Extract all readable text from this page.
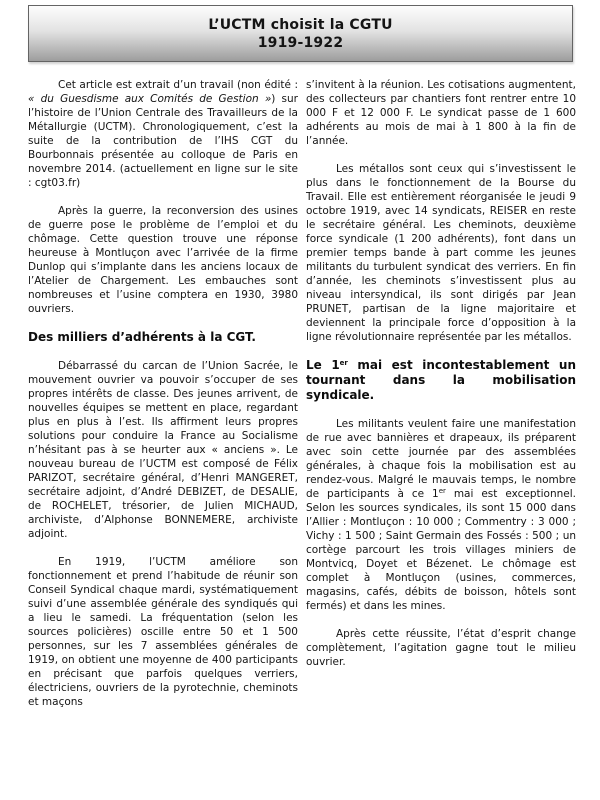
L’UCTM choisit la CGTU
1919-1922

Cet article est extrait d’un travail (non édité : « du Guesdisme aux Comités de Gestion ») sur l’histoire de l’Union Centrale des Travailleurs de la Métallurgie (UCTM). Chronologiquement, c’est la suite de la contribution de l’IHS CGT du Bourbonnais présentée au colloque de Paris en novembre 2014. (actuellement en ligne sur le site : cgt03.fr)

Après la guerre, la reconversion des usines de guerre pose le problème de l’emploi et du chômage. Cette question trouve une réponse heureuse à Montluçon avec l’arrivée de la firme Dunlop qui s’implante dans les anciens locaux de l’Atelier de Chargement. Les embauches sont nombreuses et l’usine comptera en 1930, 3980 ouvriers.

Des milliers d’adhérents à la CGT.

Débarrassé du carcan de l’Union Sacrée, le mouvement ouvrier va pouvoir s’occuper de ses propres intérêts de classe. Des jeunes arrivent, de nouvelles équipes se mettent en place, regardant plus en plus à l’est. Ils affirment leurs propres solutions pour conduire la France au Socialisme n’hésitant pas à se heurter aux « anciens ». Le nouveau bureau de l’UCTM est composé de Félix PARIZOT, secrétaire général, d’Henri MANGERET, secrétaire adjoint, d’André DEBIZET, de DESALIE, de ROCHELET, trésorier, de Julien MICHAUD, archiviste, d’Alphonse BONNEMERE, archiviste adjoint.

En 1919, l’UCTM améliore son fonctionnement et prend l’habitude de réunir son Conseil Syndical chaque mardi, systématiquement suivi d’une assemblée générale des syndiqués qui a lieu le samedi. La fréquentation (selon les sources policières) oscille entre 50 et 1 500 personnes, sur les 7 assemblées générales de 1919, on obtient une moyenne de 400 participants en précisant que parfois quelques verriers, électriciens, ouvriers de la pyrotechnie, cheminots et maçons

s’invitent à la réunion. Les cotisations augmentent, des collecteurs par chantiers font rentrer entre 10 000 F et 12 000 F. Le syndicat passe de 1 600 adhérents au mois de mai à 1 800 à la fin de l’année.

Les métallos sont ceux qui s’investissent le plus dans le fonctionnement de la Bourse du Travail. Elle est entièrement réorganisée le jeudi 9 octobre 1919, avec 14 syndicats, REISER en reste le secrétaire général. Les cheminots, deuxième force syndicale (1 200 adhérents), font dans un premier temps bande à part comme les jeunes militants du turbulent syndicat des verriers. En fin d’année, les cheminots s’investissent plus au niveau intersyndical, ils sont dirigés par Jean PRUNET, partisan de la ligne majoritaire et deviennent la principale force d’opposition à la ligne révolutionnaire représentée par les métallos.

Le 1er mai est incontestablement un tournant dans la mobilisation syndicale.

Les militants veulent faire une manifestation de rue avec bannières et drapeaux, ils préparent avec soin cette journée par des assemblées générales, à chaque fois la mobilisation est au rendez-vous. Malgré le mauvais temps, le nombre de participants à ce 1er mai est exceptionnel. Selon les sources syndicales, ils sont 15 000 dans l’Allier : Montluçon : 10 000 ; Commentry : 3 000 ; Vichy : 1 500 ; Saint Germain des Fossés : 500 ; un cortège parcourt les trois villages miniers de Montvicq, Doyet et Bézenet. Le chômage est complet à Montluçon (usines, commerces, magasins, cafés, débits de boisson, hôtels sont fermés) et dans les mines.

Après cette réussite, l’état d’esprit change complètement, l’agitation gagne tout le milieu ouvrier.
